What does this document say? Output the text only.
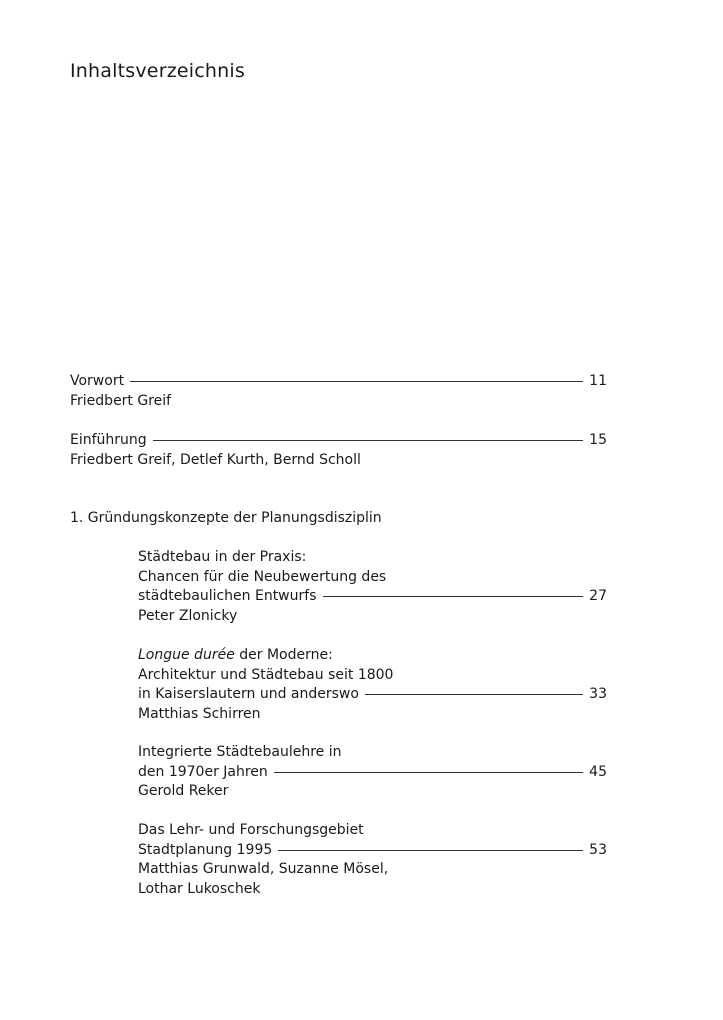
Inhaltsverzeichnis
Vorwort	11
Friedbert Greif
Einführung	15
Friedbert Greif, Detlef Kurth, Bernd Scholl
1. Gründungskonzepte der Planungsdisziplin
Städtebau in der Praxis:
Chancen für die Neubewertung des
städtebaulichen Entwurfs	27
Peter Zlonicky
Longue durée der Moderne:
Architektur und Städtebau seit 1800
in Kaiserslautern und anderswo	33
Matthias Schirren
Integrierte Städtebaulehre in
den 1970er Jahren	45
Gerold Reker
Das Lehr- und Forschungsgebiet
Stadtplanung 1995	53
Matthias Grunwald, Suzanne Mösel,
Lothar Lukoschek
